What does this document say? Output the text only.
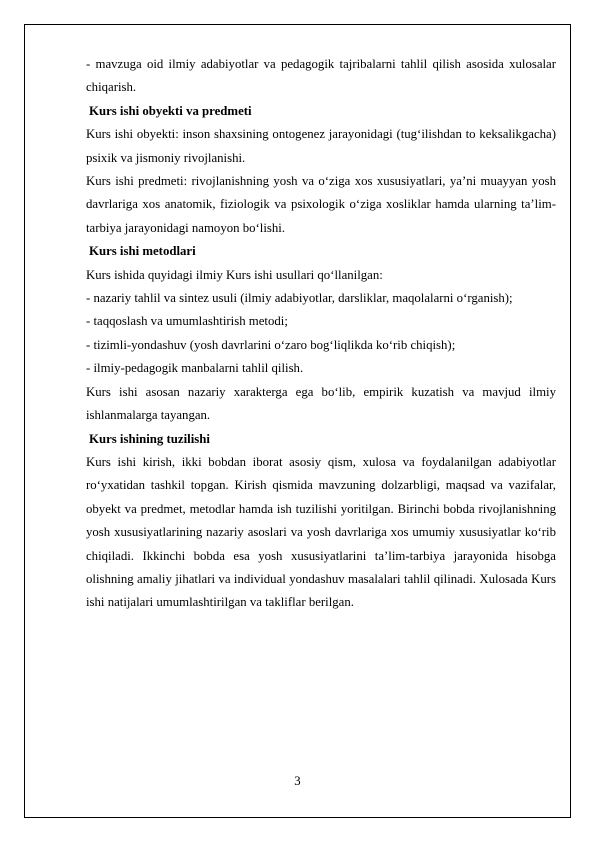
- mavzuga oid ilmiy adabiyotlar va pedagogik tajribalarni tahlil qilish asosida xulosalar chiqarish.

Kurs ishi obyekti va predmeti

Kurs ishi obyekti: inson shaxsining ontogenez jarayonidagi (tug‘ilishdan to keksalikgacha) psixik va jismoniy rivojlanishi.

Kurs ishi predmeti: rivojlanishning yosh va o‘ziga xos xususiyatlari, ya’ni muayyan yosh davrlariga xos anatomik, fiziologik va psixologik o‘ziga xosliklar hamda ularning ta’lim-tarbiya jarayonidagi namoyon bo‘lishi.

Kurs ishi metodlari

Kurs ishida quyidagi ilmiy Kurs ishi usullari qo‘llanilgan:

- nazariy tahlil va sintez usuli (ilmiy adabiyotlar, darsliklar, maqolalarni o‘rganish);

- taqqoslash va umumlashtirish metodi;

- tizimli-yondashuv (yosh davrlarini o‘zaro bog‘liqlikda ko‘rib chiqish);

- ilmiy-pedagogik manbalarni tahlil qilish.

Kurs ishi asosan nazariy xarakterga ega bo‘lib, empirik kuzatish va mavjud ilmiy ishlanmalarga tayangan.

Kurs ishining tuzilishi

Kurs ishi kirish, ikki bobdan iborat asosiy qism, xulosa va foydalanilgan adabiyotlar ro‘yxatidan tashkil topgan. Kirish qismida mavzuning dolzarbligi, maqsad va vazifalar, obyekt va predmet, metodlar hamda ish tuzilishi yoritilgan. Birinchi bobda rivojlanishning yosh xususiyatlarining nazariy asoslari va yosh davrlariga xos umumiy xususiyatlar ko‘rib chiqiladi. Ikkinchi bobda esa yosh xususiyatlarini ta’lim-tarbiya jarayonida hisobga olishning amaliy jihatlari va individual yondashuv masalalari tahlil qilinadi. Xulosada Kurs ishi natijalari umumlashtirilgan va takliflar berilgan.

3
